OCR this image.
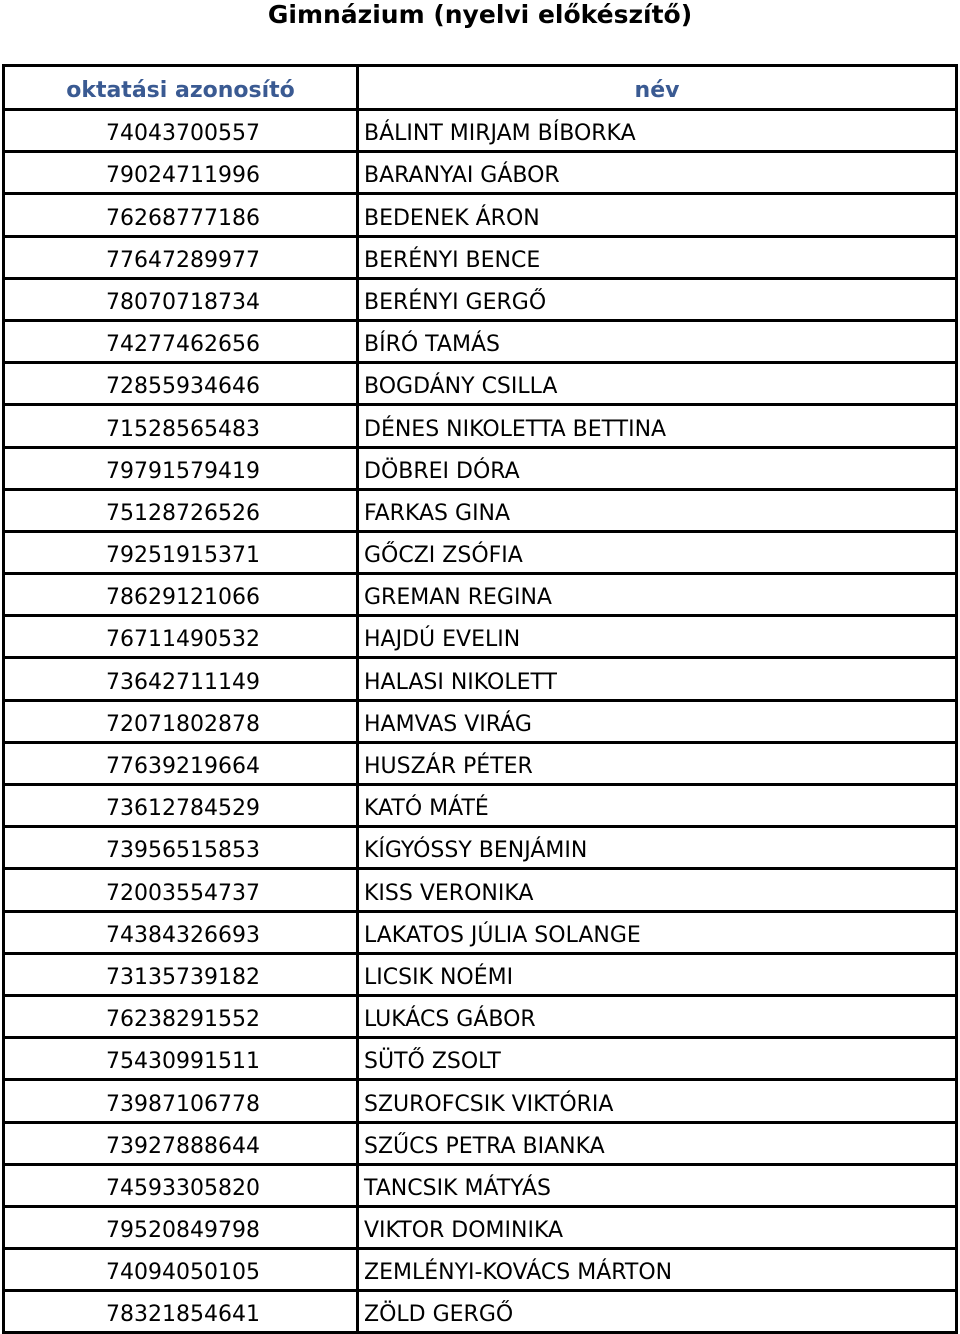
Gimnázium (nyelvi előkészítő)
oktatási azonosító	név
74043700557	BÁLINT MIRJAM BÍBORKA
79024711996	BARANYAI GÁBOR
76268777186	BEDENEK ÁRON
77647289977	BERÉNYI BENCE
78070718734	BERÉNYI GERGŐ
74277462656	BÍRÓ TAMÁS
72855934646	BOGDÁNY CSILLA
71528565483	DÉNES NIKOLETTA BETTINA
79791579419	DÖBREI DÓRA
75128726526	FARKAS GINA
79251915371	GŐCZI ZSÓFIA
78629121066	GREMAN REGINA
76711490532	HAJDÚ EVELIN
73642711149	HALASI NIKOLETT
72071802878	HAMVAS VIRÁG
77639219664	HUSZÁR PÉTER
73612784529	KATÓ MÁTÉ
73956515853	KÍGYÓSSY BENJÁMIN
72003554737	KISS VERONIKA
74384326693	LAKATOS JÚLIA SOLANGE
73135739182	LICSIK NOÉMI
76238291552	LUKÁCS GÁBOR
75430991511	SÜTŐ ZSOLT
73987106778	SZUROFCSIK VIKTÓRIA
73927888644	SZŰCS PETRA BIANKA
74593305820	TANCSIK MÁTYÁS
79520849798	VIKTOR DOMINIKA
74094050105	ZEMLÉNYI-KOVÁCS MÁRTON
78321854641	ZÖLD GERGŐ
